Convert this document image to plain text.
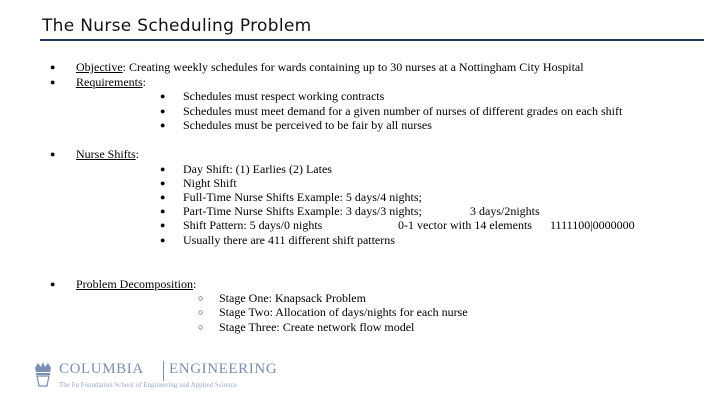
The Nurse Scheduling Problem
● Objective: Creating weekly schedules for wards containing up to 30 nurses at a Nottingham City Hospital
● Requirements:
● Schedules must respect working contracts
● Schedules must meet demand for a given number of nurses of different grades on each shift
● Schedules must be perceived to be fair by all nurses
● Nurse Shifts:
● Day Shift: (1) Earlies (2) Lates
● Night Shift
● Full-Time Nurse Shifts Example: 5 days/4 nights;
● Part-Time Nurse Shifts Example: 3 days/3 nights;	3 days/2nights
● Shift Pattern: 5 days/0 nights	0-1 vector with 14 elements 1111100|0000000
● Usually there are 411 different shift patterns
● Problem Decomposition:
○ Stage One: Knapsack Problem
○ Stage Two: Allocation of days/nights for each nurse
○ Stage Three: Create network flow model
COLUMBIA ENGINEERING
The Fu Foundation School of Engineering and Applied Science
